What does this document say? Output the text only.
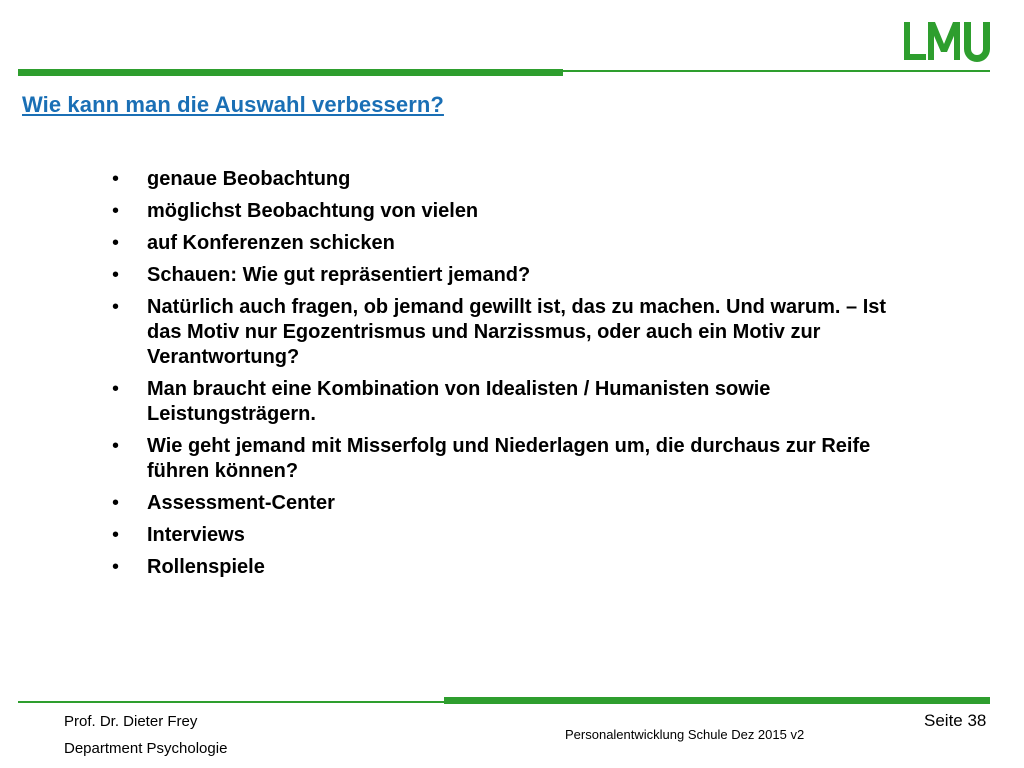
Wie kann man die Auswahl verbessern?
•	genaue Beobachtung
•	möglichst Beobachtung von vielen
•	auf Konferenzen schicken
•	Schauen: Wie gut repräsentiert jemand?
•	Natürlich auch fragen, ob jemand gewillt ist, das zu machen. Und warum. – Ist das Motiv nur Egozentrismus und Narzissmus, oder auch ein Motiv zur Verantwortung?
•	Man braucht eine Kombination von Idealisten / Humanisten sowie Leistungsträgern.
•	Wie geht jemand mit Misserfolg und Niederlagen um, die durchaus zur Reife führen können?
•	Assessment-Center
•	Interviews
•	Rollenspiele
Prof. Dr. Dieter Frey
Department Psychologie
Personalentwicklung Schule Dez 2015 v2
Seite 38
